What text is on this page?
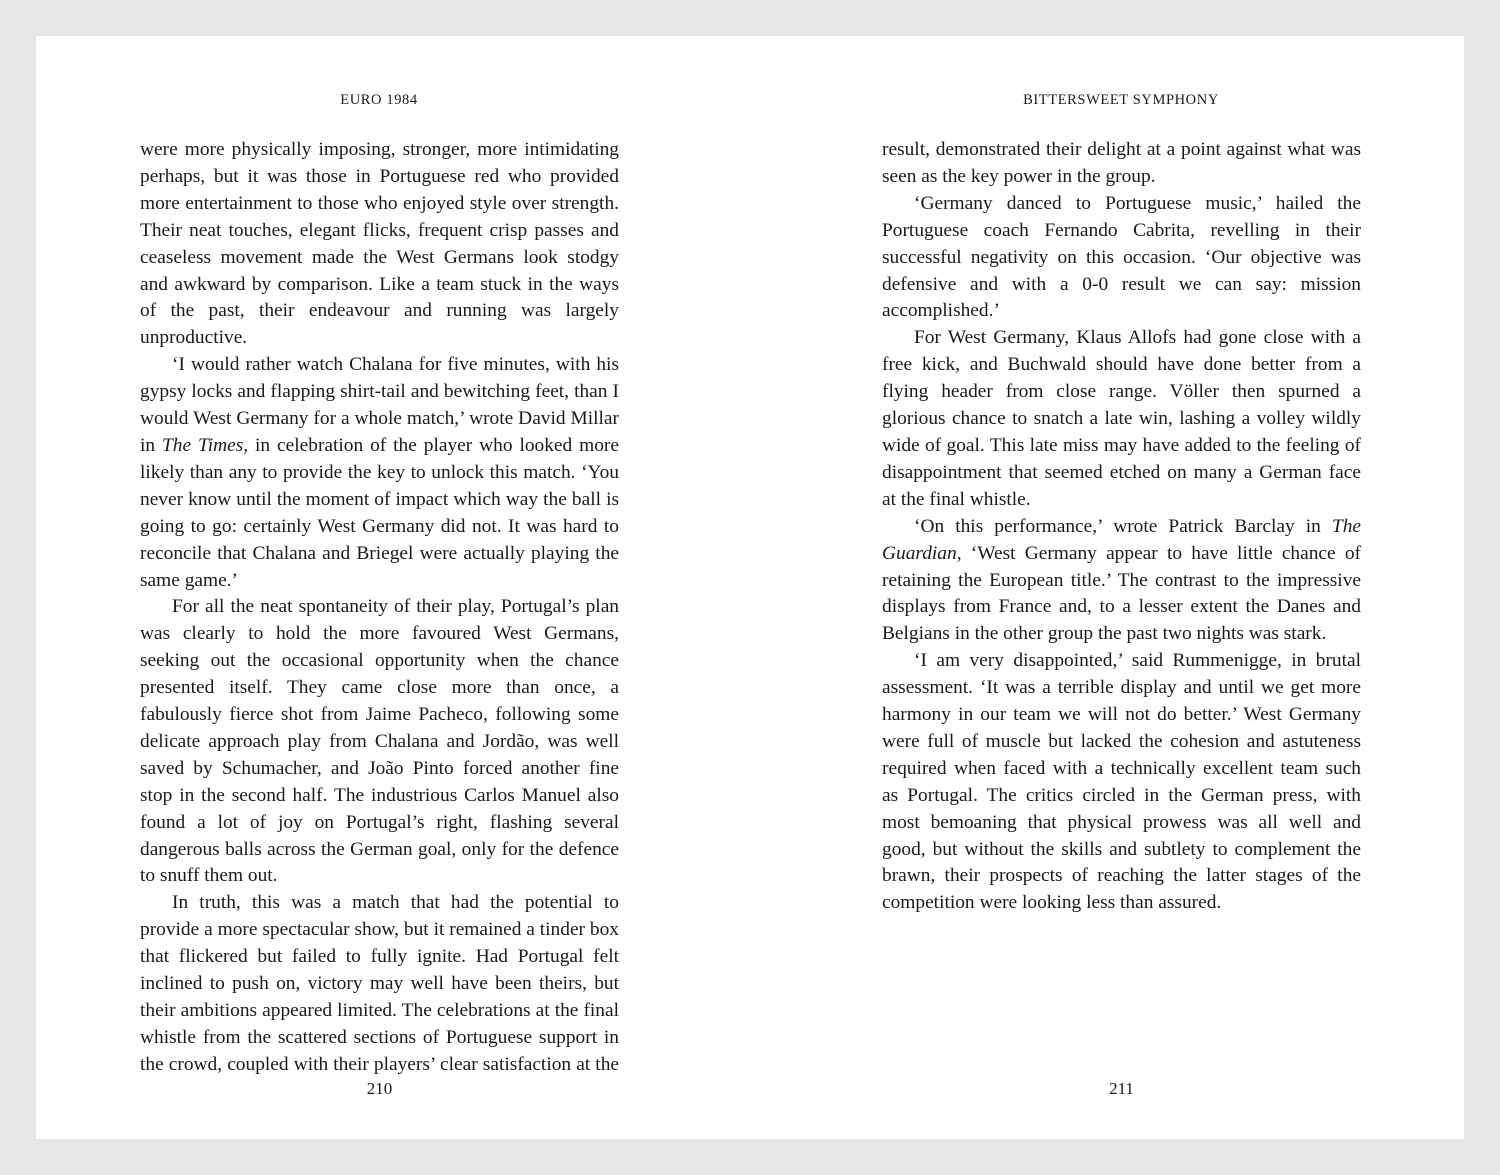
EURO 1984

were more physically imposing, stronger, more intimidating perhaps, but it was those in Portuguese red who provided more entertainment to those who enjoyed style over strength. Their neat touches, elegant flicks, frequent crisp passes and ceaseless movement made the West Germans look stodgy and awkward by comparison. Like a team stuck in the ways of the past, their endeavour and running was largely unproductive.

‘I would rather watch Chalana for five minutes, with his gypsy locks and flapping shirt-tail and bewitching feet, than I would West Germany for a whole match,’ wrote David Millar in The Times, in celebration of the player who looked more likely than any to provide the key to unlock this match. ‘You never know until the moment of impact which way the ball is going to go: certainly West Germany did not. It was hard to reconcile that Chalana and Briegel were actually playing the same game.’

For all the neat spontaneity of their play, Portugal’s plan was clearly to hold the more favoured West Germans, seeking out the occasional opportunity when the chance presented itself. They came close more than once, a fabulously fierce shot from Jaime Pacheco, following some delicate approach play from Chalana and Jordão, was well saved by Schumacher, and João Pinto forced another fine stop in the second half. The industrious Carlos Manuel also found a lot of joy on Portugal’s right, flashing several dangerous balls across the German goal, only for the defence to snuff them out.

In truth, this was a match that had the potential to provide a more spectacular show, but it remained a tinder box that flickered but failed to fully ignite. Had Portugal felt inclined to push on, victory may well have been theirs, but their ambitions appeared limited. The celebrations at the final whistle from the scattered sections of Portuguese support in the crowd, coupled with their players’ clear satisfaction at the

210
BITTERSWEET SYMPHONY

result, demonstrated their delight at a point against what was seen as the key power in the group.

‘Germany danced to Portuguese music,’ hailed the Portuguese coach Fernando Cabrita, revelling in their successful negativity on this occasion. ‘Our objective was defensive and with a 0-0 result we can say: mission accomplished.’

For West Germany, Klaus Allofs had gone close with a free kick, and Buchwald should have done better from a flying header from close range. Völler then spurned a glorious chance to snatch a late win, lashing a volley wildly wide of goal. This late miss may have added to the feeling of disappointment that seemed etched on many a German face at the final whistle.

‘On this performance,’ wrote Patrick Barclay in The Guardian, ‘West Germany appear to have little chance of retaining the European title.’ The contrast to the impressive displays from France and, to a lesser extent the Danes and Belgians in the other group the past two nights was stark.

‘I am very disappointed,’ said Rummenigge, in brutal assessment. ‘It was a terrible display and until we get more harmony in our team we will not do better.’ West Germany were full of muscle but lacked the cohesion and astuteness required when faced with a technically excellent team such as Portugal. The critics circled in the German press, with most bemoaning that physical prowess was all well and good, but without the skills and subtlety to complement the brawn, their prospects of reaching the latter stages of the competition were looking less than assured.

211
